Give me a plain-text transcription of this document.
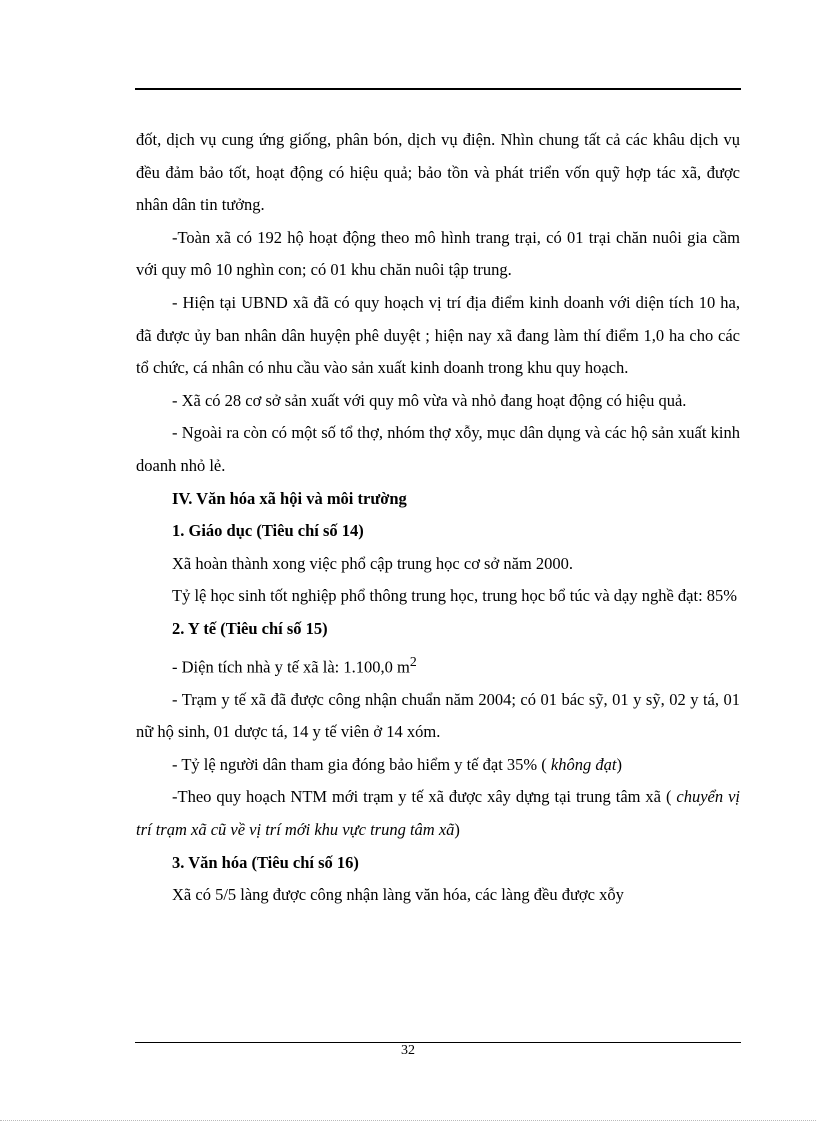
đốt, dịch vụ cung ứng giống, phân bón, dịch vụ điện. Nhìn chung tất cả các khâu dịch vụ đều đảm bảo tốt, hoạt động có hiệu quả; bảo tồn và phát triển vốn quỹ hợp tác xã, được nhân dân tin tưởng.

-Toàn xã có 192 hộ hoạt động theo mô hình trang trại, có 01 trại chăn nuôi gia cầm với quy mô 10 nghìn con; có 01 khu chăn nuôi tập trung.

- Hiện tại UBND xã đã có quy hoạch vị trí địa điểm kinh doanh với diện tích 10 ha, đã được ủy ban nhân dân huyện phê duyệt ; hiện nay xã đang làm thí điểm 1,0 ha cho các tổ chức, cá nhân có nhu cầu vào sản xuất kinh doanh trong khu quy hoạch.

- Xã có 28 cơ sở sản xuất với quy mô vừa và nhỏ đang hoạt động có hiệu quả.

- Ngoài ra còn có một số tổ thợ, nhóm thợ xỗy, mục dân dụng và các hộ sản xuất kinh doanh nhỏ lẻ.

IV. Văn hóa xã hội và môi trường

1. Giáo dục (Tiêu chí số 14)

Xã hoàn thành xong việc phổ cập trung học cơ sở năm 2000.

Tỷ lệ học sinh tốt nghiệp phổ thông trung học, trung học bổ túc và dạy nghề đạt: 85%

2. Y tế (Tiêu chí số 15)

- Diện tích nhà y tế xã là: 1.100,0 $m^2$

- Trạm y tế xã đã được công nhận chuẩn năm 2004; có 01 bác sỹ, 01 y sỹ, 02 y tá, 01 nữ hộ sinh, 01 dược tá, 14 y tế viên ở 14 xóm.

- Tỷ lệ người dân tham gia đóng bảo hiểm y tế đạt 35% ( không đạt)

-Theo quy hoạch NTM mới trạm y tế xã được xây dựng tại trung tâm xã ( chuyển vị trí trạm xã cũ về vị trí mới khu vực trung tâm xã)

3. Văn hóa (Tiêu chí số 16)

Xã có 5/5 làng được công nhận làng văn hóa, các làng đều được xỗy

32
